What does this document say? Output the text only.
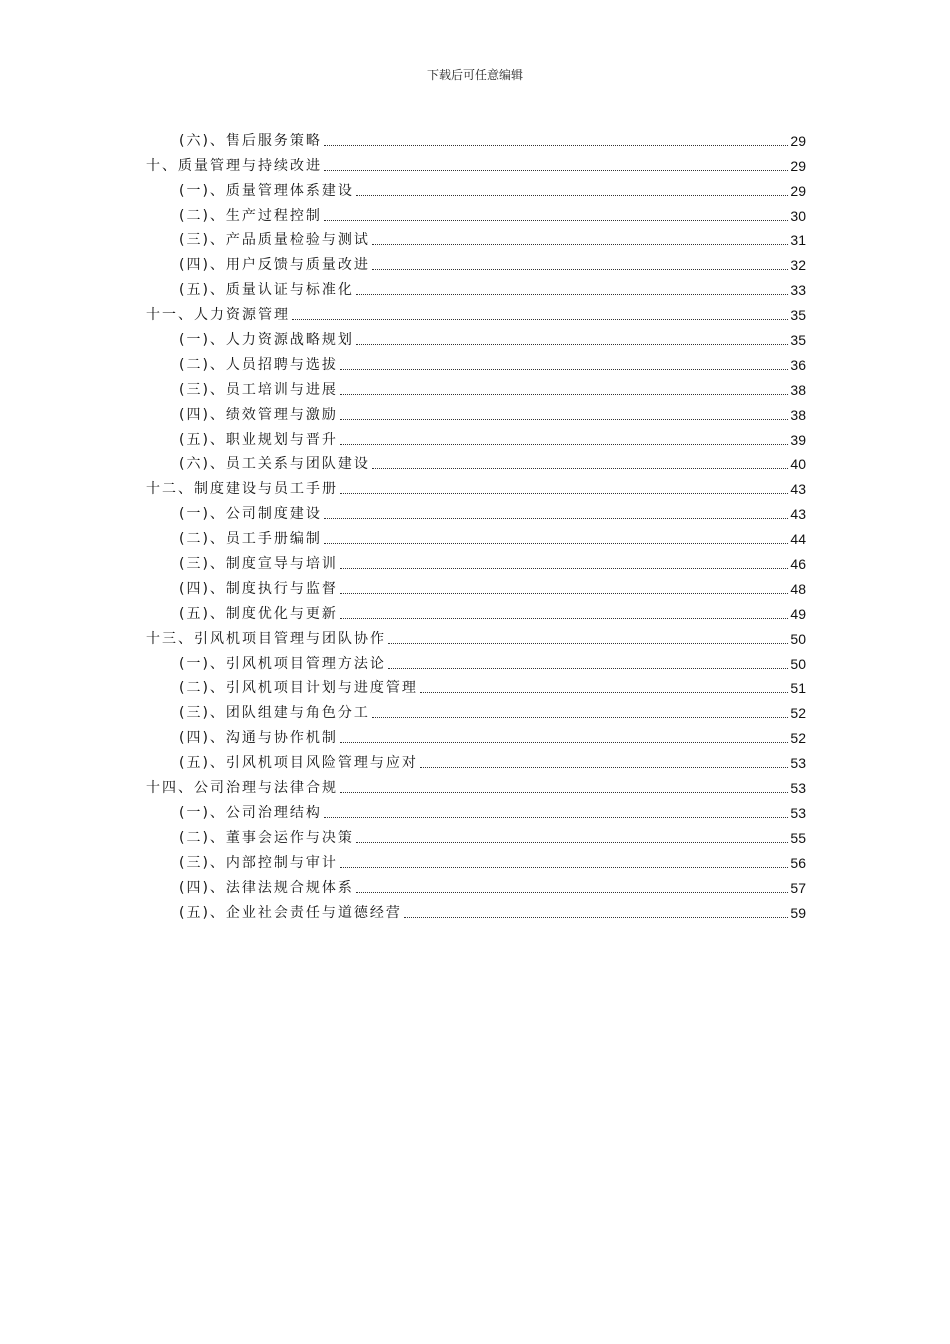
下载后可任意编辑
(六)、售后服务策略	29
十、质量管理与持续改进	29
(一)、质量管理体系建设	29
(二)、生产过程控制	30
(三)、产品质量检验与测试	31
(四)、用户反馈与质量改进	32
(五)、质量认证与标准化	33
十一、人力资源管理	35
(一)、人力资源战略规划	35
(二)、人员招聘与选拔	36
(三)、员工培训与进展	38
(四)、绩效管理与激励	38
(五)、职业规划与晋升	39
(六)、员工关系与团队建设	40
十二、制度建设与员工手册	43
(一)、公司制度建设	43
(二)、员工手册编制	44
(三)、制度宣导与培训	46
(四)、制度执行与监督	48
(五)、制度优化与更新	49
十三、引风机项目管理与团队协作	50
(一)、引风机项目管理方法论	50
(二)、引风机项目计划与进度管理	51
(三)、团队组建与角色分工	52
(四)、沟通与协作机制	52
(五)、引风机项目风险管理与应对	53
十四、公司治理与法律合规	53
(一)、公司治理结构	53
(二)、董事会运作与决策	55
(三)、内部控制与审计	56
(四)、法律法规合规体系	57
(五)、企业社会责任与道德经营	59
